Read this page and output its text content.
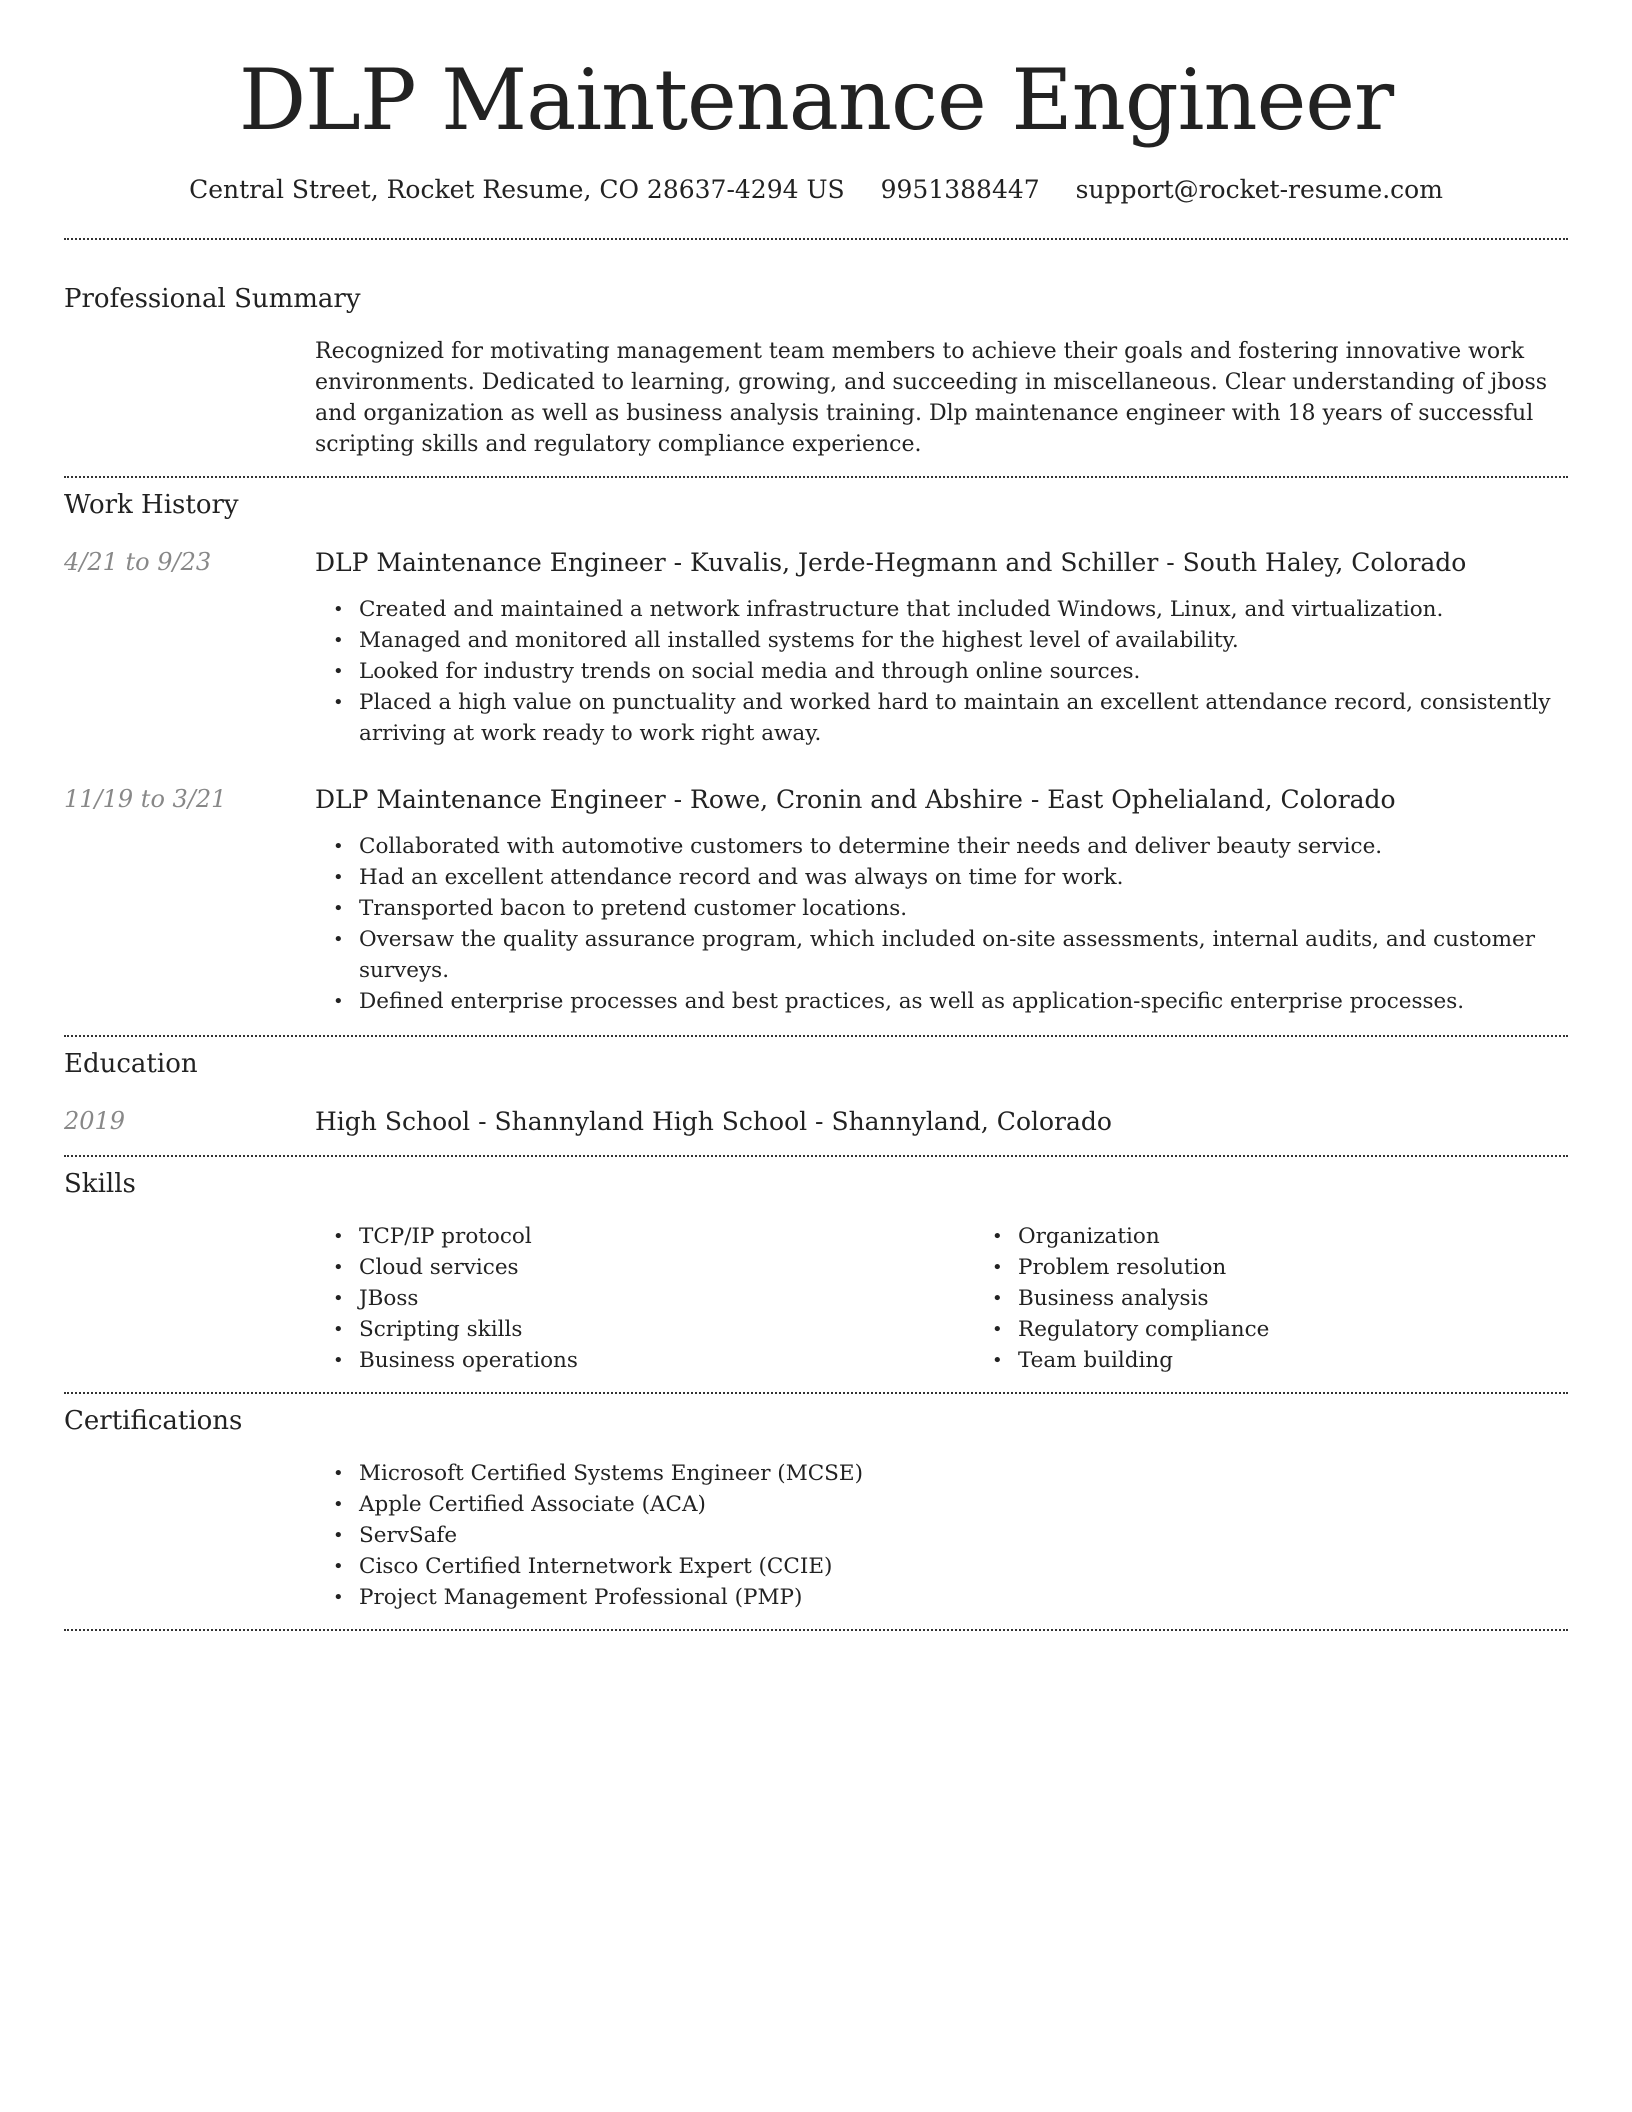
DLP Maintenance Engineer
Central Street, Rocket Resume, CO 28637-4294 US 9951388447 support@rocket-resume.com
Professional Summary
Recognized for motivating management team members to achieve their goals and fostering innovative work environments. Dedicated to learning, growing, and succeeding in miscellaneous. Clear understanding of jboss and organization as well as business analysis training. Dlp maintenance engineer with 18 years of successful scripting skills and regulatory compliance experience.
Work History
4/21 to 9/23	DLP Maintenance Engineer - Kuvalis, Jerde-Hegmann and Schiller - South Haley, Colorado
• Created and maintained a network infrastructure that included Windows, Linux, and virtualization.
• Managed and monitored all installed systems for the highest level of availability.
• Looked for industry trends on social media and through online sources.
• Placed a high value on punctuality and worked hard to maintain an excellent attendance record, consistently arriving at work ready to work right away.
11/19 to 3/21	DLP Maintenance Engineer - Rowe, Cronin and Abshire - East Ophelialand, Colorado
• Collaborated with automotive customers to determine their needs and deliver beauty service.
• Had an excellent attendance record and was always on time for work.
• Transported bacon to pretend customer locations.
• Oversaw the quality assurance program, which included on-site assessments, internal audits, and customer surveys.
• Defined enterprise processes and best practices, as well as application-specific enterprise processes.
Education
2019	High School - Shannyland High School - Shannyland, Colorado
Skills
• TCP/IP protocol
• Cloud services
• JBoss
• Scripting skills
• Business operations
• Organization
• Problem resolution
• Business analysis
• Regulatory compliance
• Team building
Certifications
• Microsoft Certified Systems Engineer (MCSE)
• Apple Certified Associate (ACA)
• ServSafe
• Cisco Certified Internetwork Expert (CCIE)
• Project Management Professional (PMP)
